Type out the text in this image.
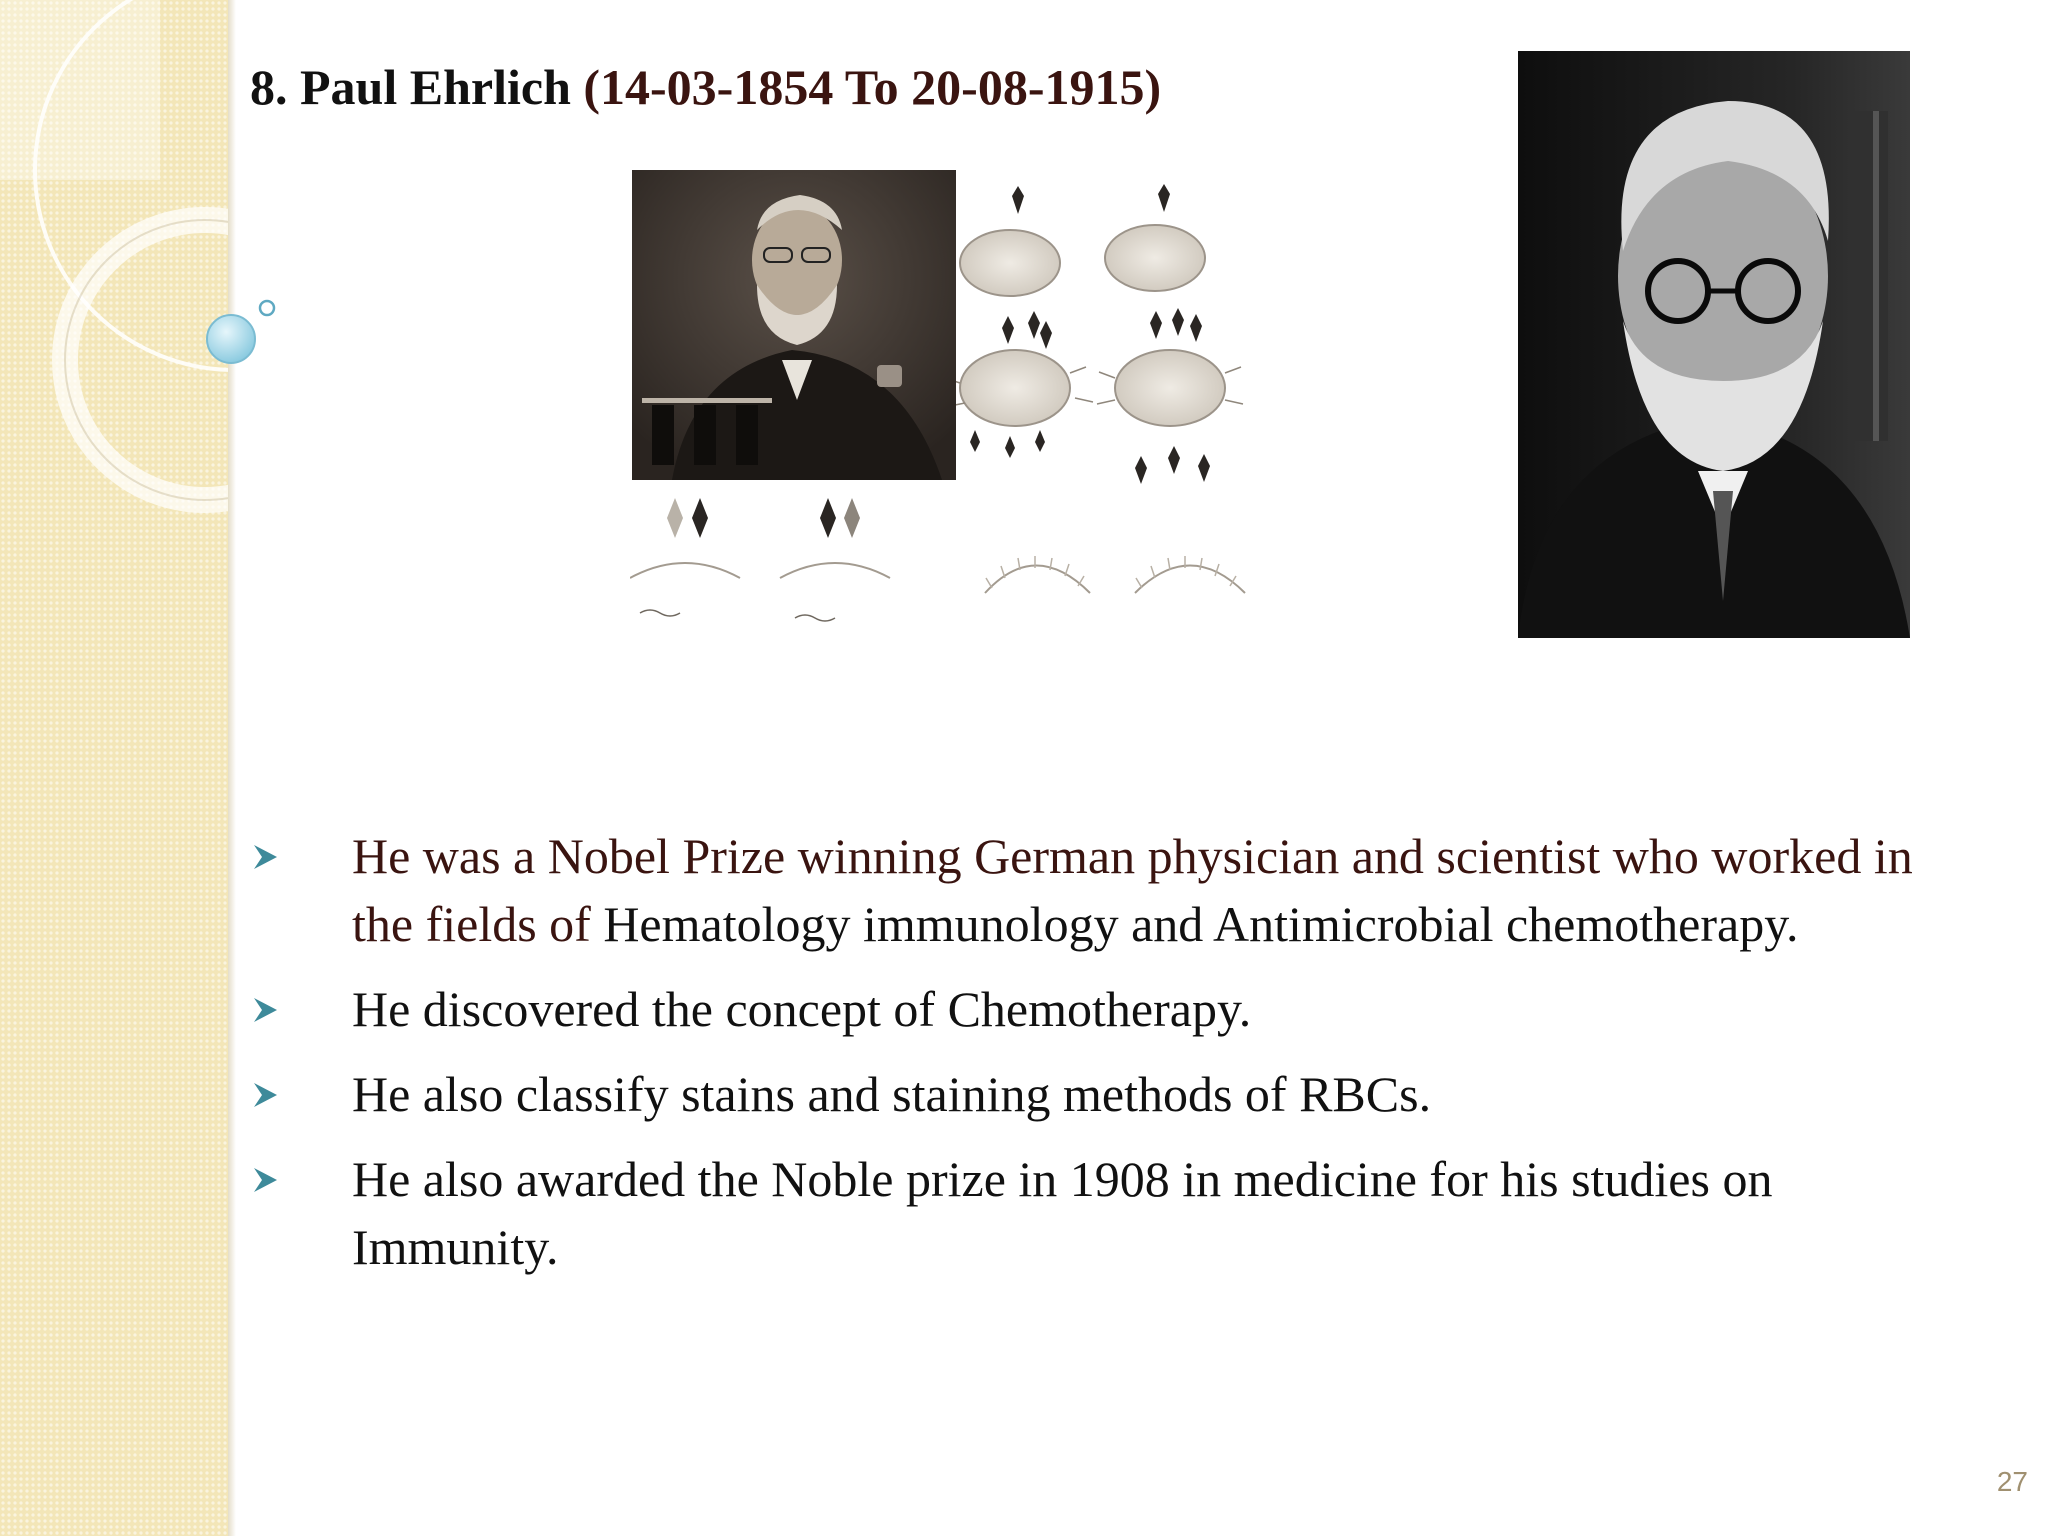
8. Paul Ehrlich (14-03-1854 To 20-08-1915)
He was a Nobel Prize winning German physician and scientist who worked in the fields of Hematology immunology and Antimicrobial chemotherapy.
He discovered the concept of Chemotherapy.
He also classify stains and staining methods of RBCs.
He also awarded the Noble prize in 1908 in medicine for his studies on Immunity.
27
